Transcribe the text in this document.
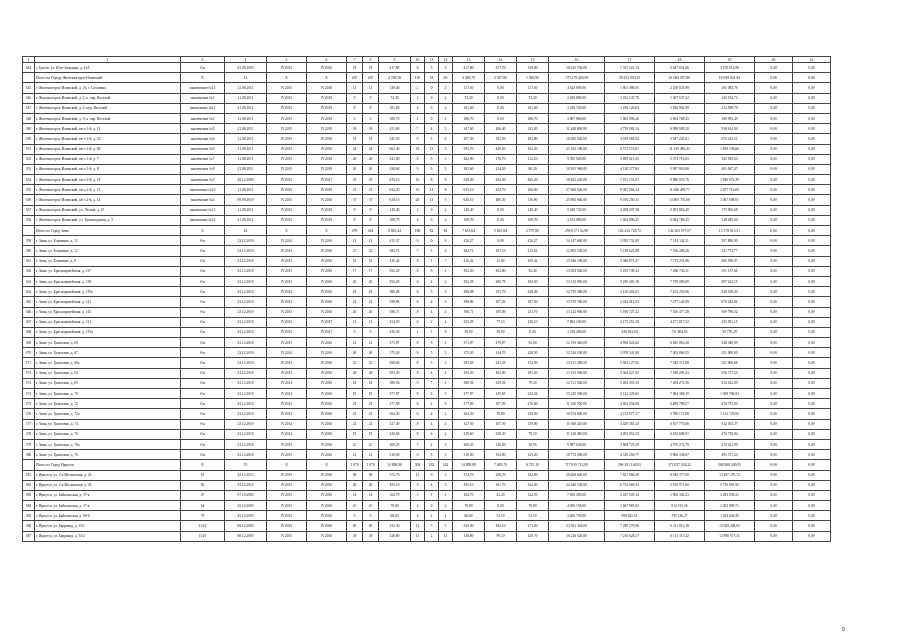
1	2	3	4	5	6	7	8	9	10	11	12	13	14	15	16	17	18	19	20	21
344	г. Братск, ул. Юго-Западная, д. 41А	б/н	03.09.2005	IV.2015	IV.2016	18	18	417,80	8	3	5	417,80	257,70	159,80	16 615 796,00	7 337 321,14	5 647 651,86	3 570 814,98	0,00	0,00
	Итого по Городу Железногорск-Илимский	Х	14	Х	Х	267	267	4 748,50	116	53	63	4 348,70	2 347,80	1 920,90	170 279 420,58	58 253 930,25	61 084 457,80	16 949 041,94	0,00	0,00
345	г. Железногорск-Илимский, д. 26, г. Сосновка	заключение №12	21.08.2011	IV.2015	IV.2018	11	11	139,40	2	0	2	117,40	0,00	117,40	4 323 600,00	1 601 490,55	2 250 025,99	291 083,76	0,00	0,00
346	г. Железногорск-Илимский, д. 2, к. пер. Веселый	заключение №1	21.08.2011	IV.2015	IV.2018	0	0	74,30	2	0	2	74,30	0,00	74,30	2 656 880,00	1 013 547,78	1 407 537,22	220 194,72	0,00	0,00
347	г. Железногорск-Илимский, д. 4, пер. Веселый	заключение №11	21.08.2011	IV.2015	IV.2018	8	8	101,60	2	0	2	101,60	0,00	101,60	3 329 720,00	1 186 120,03	1 920 902,99	212 596,79	0,00	0,00
348	г. Железногорск-Илимский, д. 9, к. пер. Веселый	заключение №2	21.08.2011	IV.2015	IV.2018	3	3	108,70	2	0	2	108,70	0,00	108,70	3 807 860,00	1 482 096,26	2 064 768,25	180 993,49	0,00	0,00
349	г. Железногорск-Илимский, кв-л 1-й, д. 12	заключение №5	21.08.2011	IV.2015	IV.2018	18	18	411,60	7	4	3	347,60	206,40	141,20	11 448 908,98	4 729 582,14	6 098 909,20	538 614,94	0,00	0,00
350	г. Железногорск-Илимский, кв-л 1-й, д. 23	заключение №6	21.08.2011	IV.2015	IV.2018	18	18	345,50	9	3	6	297,30	102,50	183,80	10 082 540,00	4 658 069,54	5 047 245,61	376 224,51	0,00	0,00
351	г. Железногорск-Илимский, кв-л 1-й, д. 68	заключение №9	21.08.2011	IV.2015	IV.2016	44	44	662,40	18	13	5	593,70	429,50	162,20	25 163 180,00	8 572 574,91	11 239 485,43	1 839 196,66	0,00	0,00
352	г. Железногорск-Илимский, кв-л 1-й, д. 7	заключение №7	21.08.2011	IV.2015	IV.2018	20	20	341,00	8	5	3	282,90	170,70	112,20	9 395 920,00	3 859 615,25	5 373 716,65	342 583,60	0,00	0,00
353	г. Железногорск-Илимский, кв-л 1-й, д. 8	заключение №8	21.08.2011	IV.2015	IV.2018	20	20	338,60	9	6	3	302,60	214,30	88,30	10 391 960,00	4 120 577,84	5 957 010,90	465 067,47	0,00	0,00
354	г. Железногорск-Илимский, кв-л 2-й, д. 18	заключение №3	20.12.2009	IV.2015	IV.2017	33	33	676,10	16	8	8	529,50	294,30	265,20	18 823 220,00	7 101 191,87	9 986 953,76	1 836 074,39	0,00	0,00
355	г. Железногорск-Илимский, кв-л 2-й, д. 13	заключение №10	21.08.2011	IV.2015	IV.2018	31	31	644,20	19	11	8	615,10	452,70	160,60	27 060 500,00	9 367 264,14	11 646 499,77	2 057 716,09	0,00	0,00
356	г. Железногорск-Илимский, кв-л 2-й, д. 14	заключение №4	09.09.2010	IV.2015	IV.2016	37	37	618,10	20	11	9	620,10	486,30	136,80	25 683 660,00	9 010 250,31	13 605 701,68	3 067 698,01	0,00	0,00
357	г. Железногорск-Илимский, ул. Лесная, д. 25	заключение №13	21.08.2011	IV.2015	IV.2018	8	8	149,40	2	0	2	149,40	0,00	149,40	5 049 720,00	2 058 207,38	2 853 863,49	175 965,68	0,00	0,00
358	г. Железногорск-Илимский, ул. Транспортная, д. 3	заключение №14	21.08.2011	IV.2015	IV.2018	8	8	108,70	2	0	2	108,70	0,00	108,70	3 674 080,00	1 402 096,25	2 064 768,25	128 285,60	0,00	0,00
	Итого по Город Зима	Х	22	Х	Х	479	454	8 825,44	186	82	84	7 653,64	5 825,84	2 797,80	259 017 132,90	102 234 720,72	142 363 077,07	15 378 613,51	0,00	0,00
359	г. Зима, ул. Клименко, д. 12	б/н	23.12.2010	IV.2014	IV.2016	12	12	415,37	6	0	6	416,27	0,00	416,27	14 147 660,00	5 055 731,09	7 514 142,11	597 896,90	0,00	0,00
360	г. Зима, ул. Клименко, д. 12	б/н	23.12.2010	IV.2014	IV.2016	27	23	382,71	7	3	4	382,71	167,10	215,61	12 963 538,00	5 218 625,88	7 196 268,26	547 772,77	0,00	0,00
361	г. Зима, ул. Клименко, д. 8	б/н	23.12.2010	IV.2014	IV.2016	19	19	416,42	8	1	7	416,42	11,00	259,42	13 946 196,00	5 386 871,27	7 753 231,86	666 596,97	0,00	0,00
362	г. Зима, ул. Красноармейская, д. 137	б/н	23.12.2010	IV.2013	IV.2016	17	17	392,20	8	6	2	392,20	302,80	92,40	13 053 560,00	5 235 749,23	7 266 744,11	551 157,66	0,00	0,00
363	г. Зима, ул. Красноармейская, д. 139	б/н	23.12.2010	IV.2013	IV.2016	26	26	392,29	6	4	2	392,29	280,79	184,50	13 313 850,00	5 230 403,16	7 578 083,89	587 223,15	0,00	0,00
364	г. Зима, ул. Красноармейская, д. 139а	б/н	23.12.2010	IV.2014	IV.2016	24	24	380,08	8	3	5	380,08	151,70	228,36	12 793 380,00	5 130 402,01	7 102 259,96	540 558,43	0,00	0,00
365	г. Зима, ул. Красноармейская, д. 141	б/н	23.12.2010	IV.2013	IV.2016	22	22	398,86	8	4	4	398,86	207,26	187,20	13 570 760,00	5 422 412,23	7 477 144,99	670 342,82	0,00	0,00
366	г. Зима, ул. Красноармейская, д. 143	б/н	23.12.2010	IV.2013	IV.2016	20	20	396,71	8	4	4	396,71	185,09	211,70	13 122 900,00	5 196 727,22	7 356 477,28	569 796,52	0,00	0,00
367	г. Зима, ул. Красноармейская, д. 131	б/н	23.12.2010	IV.2015	IV.2017	13	13	233,29	6	2	4	233,29	77,13	156,10	7 882 160,00	3 175 251,33	4 271 817,52	435 091,15	0,00	0,00
368	г. Зима, ул. Красноармейская, д. 133а	б/н	23.12.2010	IV.2015	IV.2017	3	3	320,30	1	1	0	39,00	39,00	0,00	1 318 200,00	526 654,00	731 804,93	59 770,29	0,00	0,00
369	г. Зима, ул. Трактовая, д. 69	б/н	23.12.2010	IV.2013	IV.2016	21	21	371,87	8	6	2	371,87	279,87	92,00	12 193 426,00	4 950 022,62	6 825 063,28	540 340,09	0,00	0,00
370	г. Зима, ул. Трактовая, д. 67	б/н	23.12.2010	IV.2014	IV.2016	26	26	375,20	8	5	3	375,20	144,70	228,50	12 534 100,00	5 078 341,80	7 002 869,35	521 000,00	0,00	0,00
371	г. Зима, ул. Трактовая, д. 69а	б/н	23.12.2010	IV.2013	IV.2016	25	25	390,60	8	5	3	393,65	241,35	152,30	13 271 280,00	5 402 127,95	7 348 371,88	521 000,66	0,00	0,00
372	г. Зима, ул. Трактовая, д. 64	б/н	23.12.2010	IV.2014	IV.2016	28	28	393,20	8	4	4	393,20	202,00	191,20	13 153 360,00	5 364 227,45	7 338 295,23	556 717,25	0,00	0,00
373	г. Зима, ул. Трактовая, д. 65	б/н	23.12.2010	IV.2014	IV.2016	18	18	380,56	9	7	2	380,56	329,56	79,30	12 721 560,00	5 282 455,35	7 204 272,56	554 432,09	0,00	0,00
374	г. Зима, ул. Трактовая, д. 70	б/н	23.12.2010	IV.2014	IV.2016	19	19	377,87	8	3	5	377,87	145,65	232,24	15 245 300,00	5 123 325,65	7 064 368,19	1 058 706,93	0,00	0,00
375	г. Зима, ул. Трактовая, д. 72	б/н	23.12.2010	IV.2013	IV.2016	23	23	377,09	8	2	6	377,09	107,09	270,00	11 320 700,00	4 561 254,00	6 289 788,57	470 753,83	0,00	0,00
376	г. Зима, ул. Трактовая, д. 72а	б/н	23.12.2010	IV.2013	IV.2016	23	23	364,30	6	4	2	364,30	78,80	225,50	10 974 800,00	4 152 977,17	5 780 171,88	1 141 745,66	0,00	0,00
377	г. Зима, ул. Трактовая, д. 74	б/н	23.12.2010	IV.2014	IV.2016	23	23	327,30	8	4	4	327,30	167,50	159,80	11 049 220,00	4 429 361,25	6 107 775,06	512 303,37	0,00	0,00
378	г. Зима, ул. Трактовая, д. 76	б/н	23.12.2010	IV.2014	IV.2016	19	19	320,60	8	6	2	329,60	250,30	79,10	11 140 480,00	4 493 052,25	6 184 688,91	470 738,84	0,00	0,00
379	г. Зима, ул. Трактовая, д. 76а	б/н	23.12.2010	IV.2013	IV.2016	25	25	269,25	7	4	3	269,25	126,50	36,95	9 987 620,00	3 808 725,39	4 970 272,79	410 421,99	0,00	0,00
380	г. Зима, ул. Трактовая, д. 78	б/н	23.12.2010	IV.2015	IV.2016	21	21	318,00	6	3	3	318,00	194,80	123,20	10 772 000,00	4 310 256,77	5 966 338,67	495 371,20	0,00	0,00
	Итого по Город Иркутск	Х	55	Х	Х	1 078	1 078	14 800,80	304	182	162	14 809,80	7 683,70	6 725,10	717 819 712,00	296 301 148,91	372 037 924,22	368 888 290,95	0,00	0,00
381	г. Иркутск, ул. 2-я Московская, д. 24	61	25.12.2012	IV.2015	IV.2016	38	38	372,70	12	9	3	372,70	258,70	142,00	29 468 640,00	7 827 066,28	8 649 377,00	13 287 270,72	0,00	0,00
382	г. Иркутск, ул. 2-я Московская, д. 26	60	25.12.2012	IV.2015	IV.2016	20	20	495,10	9	4	5	495,10	161,70	324,60	22 646 538,00	6 734 668,43	5 910 971,60	9 750 891,95	0,00	0,00
383	г. Иркутск, ул. Байкальская, д. 37-я	47	07.10.2005	IV.2015	IV.2016	14	14	164,79	3	1	2	164,79	42,20	122,59	7 656 400,00	2 247 503,14	1 966 302,23	3 283 849,21	0,00	0,00
384	г. Иркутск, ул. Байкальская, д. 37-я	64	25.10.2005	IV.2015	IV.2016	10	10	78,80	2	0	2	78,80	0,00	78,80	4 056 158,00	1 667 981,02	914 513,26	2 303 889,71	0,00	0,00
385	г. Иркутск, ул. Байкальская, д. 60-б	79	25.10.2005	IV.2015	IV.2016	5	5	68,60	2	2	1	66,60	33,50	33,50	3 406 750,00	908 625,51	795 136,27	1 204 840,29	0,00	0,00
386	г. Иркутск, ул. Баррикад, д. 53/1	114/2	06.12.2005	IV.2015	IV.2016	40	40	533,30	12	7	5	533,30	292,10	271,20	23 561 344,00	7 280 270,96	6 311 815,18	12 029 268,83	0,00	0,00
387	г. Иркутск, ул. Баррикад, д. 53/2	114/1	06.12.2005	IV.2015	IV.2016	38	38	328,80	13	2	11	328,80	99,10	429,70	16 226 520,00	7 216 628,17	6 113 313,22	12 896 677,31	0,00	0,00
9
